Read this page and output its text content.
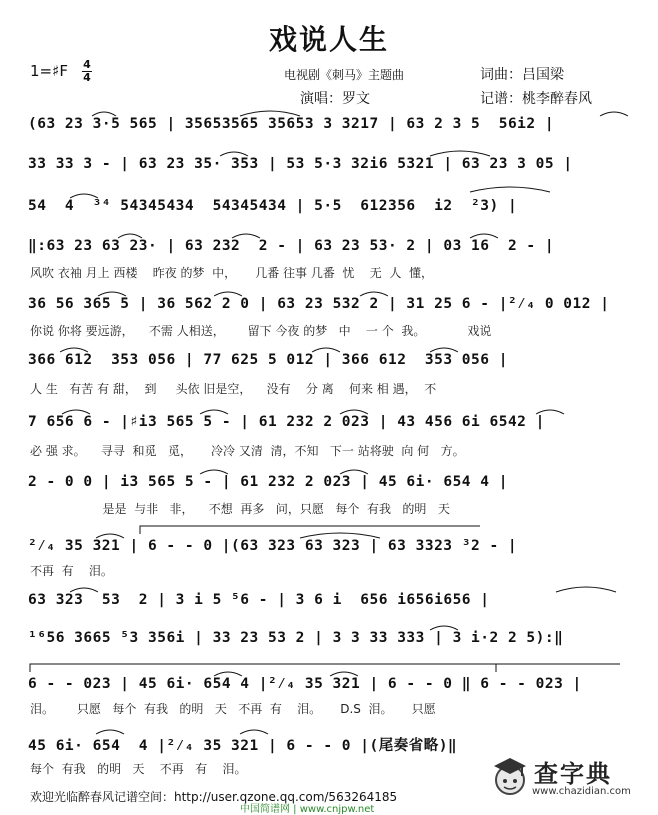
戏说人生
1=♯F 4
4	电视剧《刺马》主题曲
演唱：罗文
词曲：吕国梁
记谱：桃李醉春风
(63 23 3·5 565 | 35653565 35653 3 3217 | 63 2 3 5  56i2 |
33 33 3 - | 63 23 35· 353 | 53 5·3 32i6 5321 | 63 23 3 05 |
54  4  ³⁴ 54345434  54345434 | 5·5  612356  i2  ²3) |
‖:63 23 63 23· | 63 232  2 - | 63 23 53· 2 | 03 16  2 - |
风吹 衣袖 月上 西楼    昨夜 的梦  中，     几番 往事 几番  忧    无  人  懂，
36 56 365 5 | 36 562 2 0 | 63 23 532 2 | 31 25 6 - |²⁄₄ 0 012 |
你说 你将 要远游，    不需 人相送，      留下 今夜 的梦   中    一 个  我。           戏说
366 612  353 056 | 77 625 5 012 | 366 612  353 056 |
人 生   有苦 有 甜，  到     头依 旧是空，    没有    分 离    何来 相 遇，  不
7 656 6 - |♯i3 565 5 - | 61 232 2 023 | 43 456 6i 6542 |
必 强 求。    寻寻  和觅   觅，     冷冷 又清  清，不知   下一 站将驶  向 何   方。
2 - 0 0 | i3 565 5 - | 61 232 2 023 | 45 6i· 654 4 |
是是  与非   非，    不想  再多   问，只愿   每个  有我   的明   天
²⁄₄ 35 321 | 6 - - 0 |(63 323 63 323 | 63 3323 ³2 - |
不再  有    泪。
63 323  53  2 | 3 i 5 ⁵6 - | 3 6 i  656 i656i656 |
¹⁶56 3665 ⁵3 356i | 33 23 53 2 | 3 3 33 333 | 3 i·2 2 5):‖
6 - - 023 | 45 6i· 654 4 |²⁄₄ 35 321 | 6 - - 0 ‖ 6 - - 023 |
泪。      只愿   每个  有我   的明   天   不再  有    泪。     D.S  泪。     只愿
45 6i· 654  4 |²⁄₄ 35 321 | 6 - - 0 |(尾奏省略)‖
每个  有我   的明   天    不再   有    泪。
欢迎光临醉春风记谱空间：http://user.qzone.qq.com/563264185
中国简谱网 | www.cnjpw.net
查字典
www.chazidian.com
